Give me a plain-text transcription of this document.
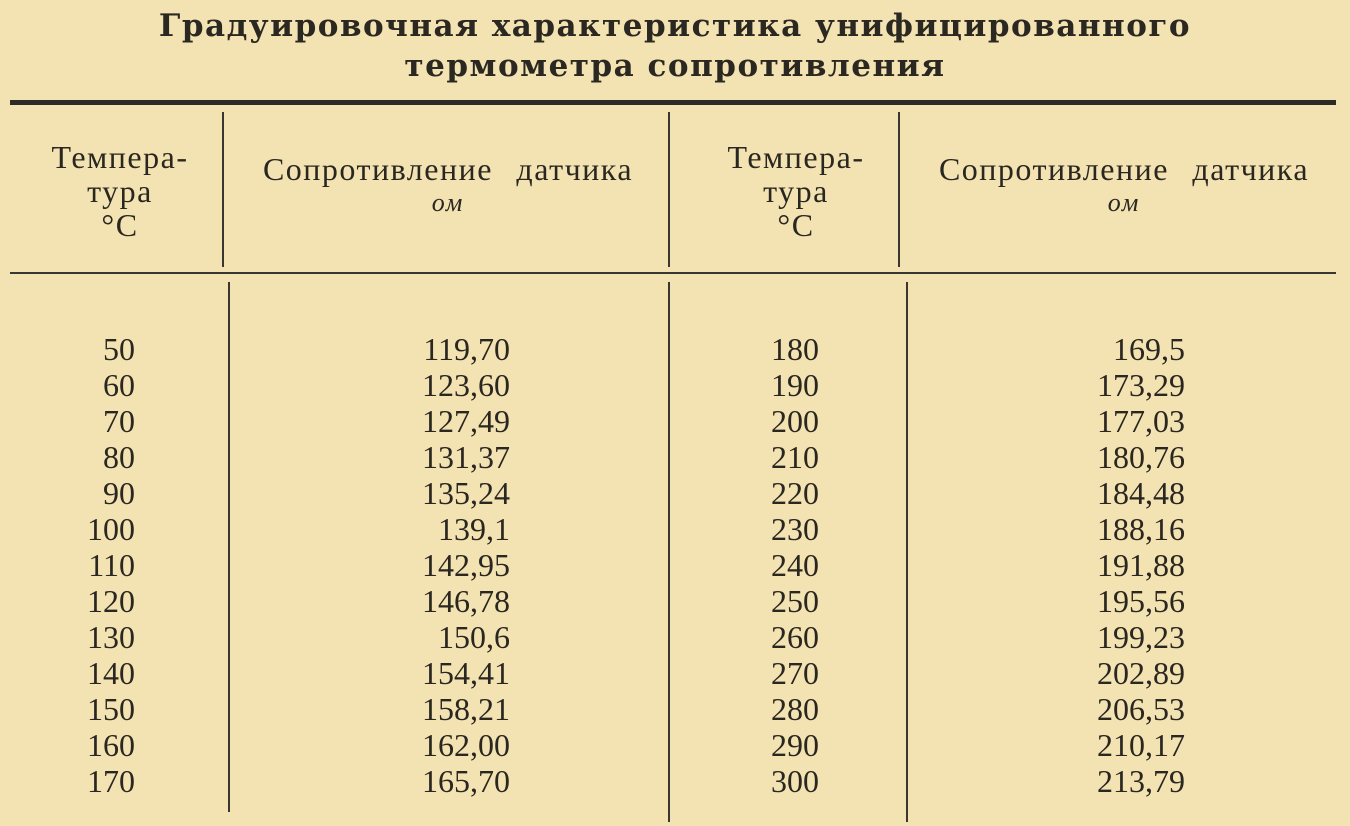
Градуировочная характеристика унифицированного
термометра сопротивления
Темпера-
тура
°С
Сопротивление датчика
ом
Темпера-
тура
°С
Сопротивление датчика
ом
50
60
70
80
90
100
110
120
130
140
150
160
170
119,70
123,60
127,49
131,37
135,24
139,1
142,95
146,78
150,6
154,41
158,21
162,00
165,70
180
190
200
210
220
230
240
250
260
270
280
290
300
169,5
173,29
177,03
180,76
184,48
188,16
191,88
195,56
199,23
202,89
206,53
210,17
213,79
